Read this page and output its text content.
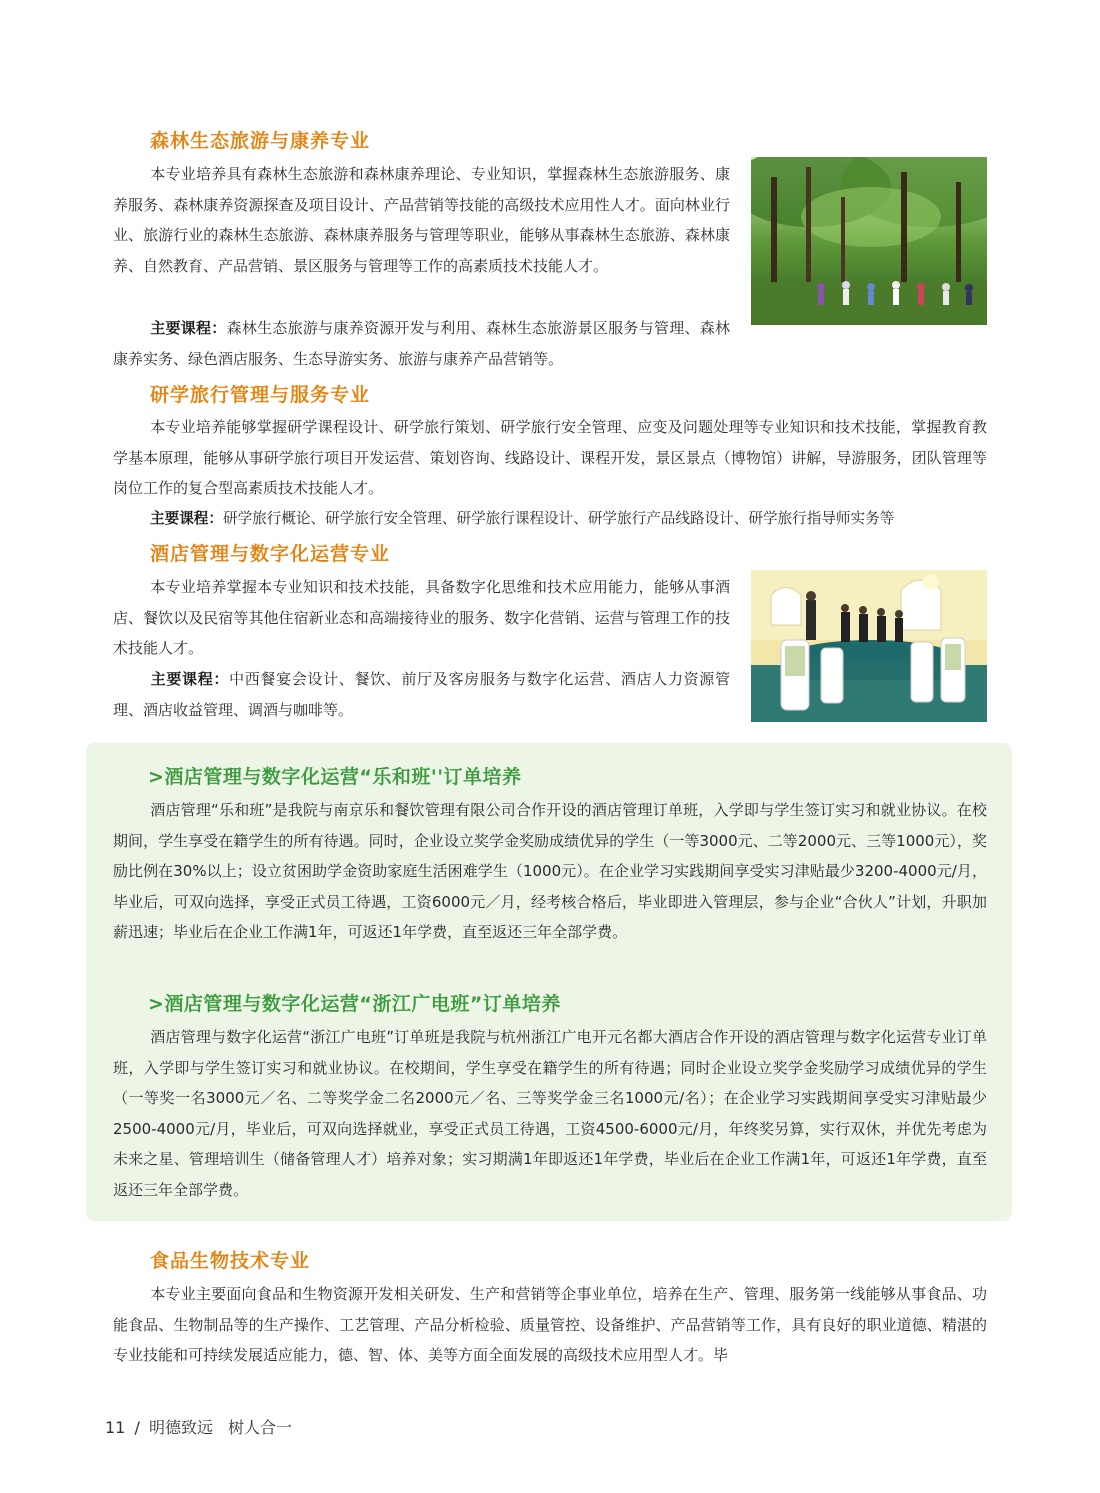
森林生态旅游与康养专业

本专业培养具有森林生态旅游和森林康养理论、专业知识，掌握森林生态旅游服务、康养服务、森林康养资源探查及项目设计、产品营销等技能的高级技术应用性人才。面向林业行业、旅游行业的森林生态旅游、森林康养服务与管理等职业，能够从事森林生态旅游、森林康养、自然教育、产品营销、景区服务与管理等工作的高素质技术技能人才。

主要课程：森林生态旅游与康养资源开发与利用、森林生态旅游景区服务与管理、森林康养实务、绿色酒店服务、生态导游实务、旅游与康养产品营销等。

研学旅行管理与服务专业

本专业培养能够掌握研学课程设计、研学旅行策划、研学旅行安全管理、应变及问题处理等专业知识和技术技能，掌握教育教学基本原理，能够从事研学旅行项目开发运营、策划咨询、线路设计、课程开发，景区景点（博物馆）讲解，导游服务，团队管理等岗位工作的复合型高素质技术技能人才。

主要课程：研学旅行概论、研学旅行安全管理、研学旅行课程设计、研学旅行产品线路设计、研学旅行指导师实务等

酒店管理与数字化运营专业

本专业培养掌握本专业知识和技术技能，具备数字化思维和技术应用能力，能够从事酒店、餐饮以及民宿等其他住宿新业态和高端接待业的服务、数字化营销、运营与管理工作的技术技能人才。

主要课程：中西餐宴会设计、餐饮、前厅及客房服务与数字化运营、酒店人力资源管理、酒店收益管理、调酒与咖啡等。

>酒店管理与数字化运营“乐和班''订单培养

酒店管理“乐和班”是我院与南京乐和餐饮管理有限公司合作开设的酒店管理订单班，入学即与学生签订实习和就业协议。在校期间，学生享受在籍学生的所有待遇。同时，企业设立奖学金奖励成绩优异的学生（一等3000元、二等2000元、三等1000元），奖励比例在30%以上；设立贫困助学金资助家庭生活困难学生（1000元）。在企业学习实践期间享受实习津贴最少3200-4000元/月，毕业后，可双向选择，享受正式员工待遇，工资6000元／月，经考核合格后，毕业即进入管理层，参与企业“合伙人”计划，升职加薪迅速；毕业后在企业工作满1年，可返还1年学费，直至返还三年全部学费。

>酒店管理与数字化运营“浙江广电班”订单培养

酒店管理与数字化运营“浙江广电班”订单班是我院与杭州浙江广电开元名都大酒店合作开设的酒店管理与数字化运营专业订单班，入学即与学生签订实习和就业协议。在校期间，学生享受在籍学生的所有待遇；同时企业设立奖学金奖励学习成绩优异的学生（一等奖一名3000元／名、二等奖学金二名2000元／名、三等奖学金三名1000元/名）；在企业学习实践期间享受实习津贴最少2500-4000元/月，毕业后，可双向选择就业，享受正式员工待遇，工资4500-6000元/月，年终奖另算，实行双休，并优先考虑为未来之星、管理培训生（储备管理人才）培养对象；实习期满1年即返还1年学费，毕业后在企业工作满1年，可返还1年学费，直至返还三年全部学费。

食品生物技术专业

本专业主要面向食品和生物资源开发相关研发、生产和营销等企事业单位，培养在生产、管理、服务第一线能够从事食品、功能食品、生物制品等的生产操作、工艺管理、产品分析检验、质量管控、设备维护、产品营销等工作，具有良好的职业道德、精湛的专业技能和可持续发展适应能力，德、智、体、美等方面全面发展的高级技术应用型人才。毕

11 / 明德致远 树人合一
